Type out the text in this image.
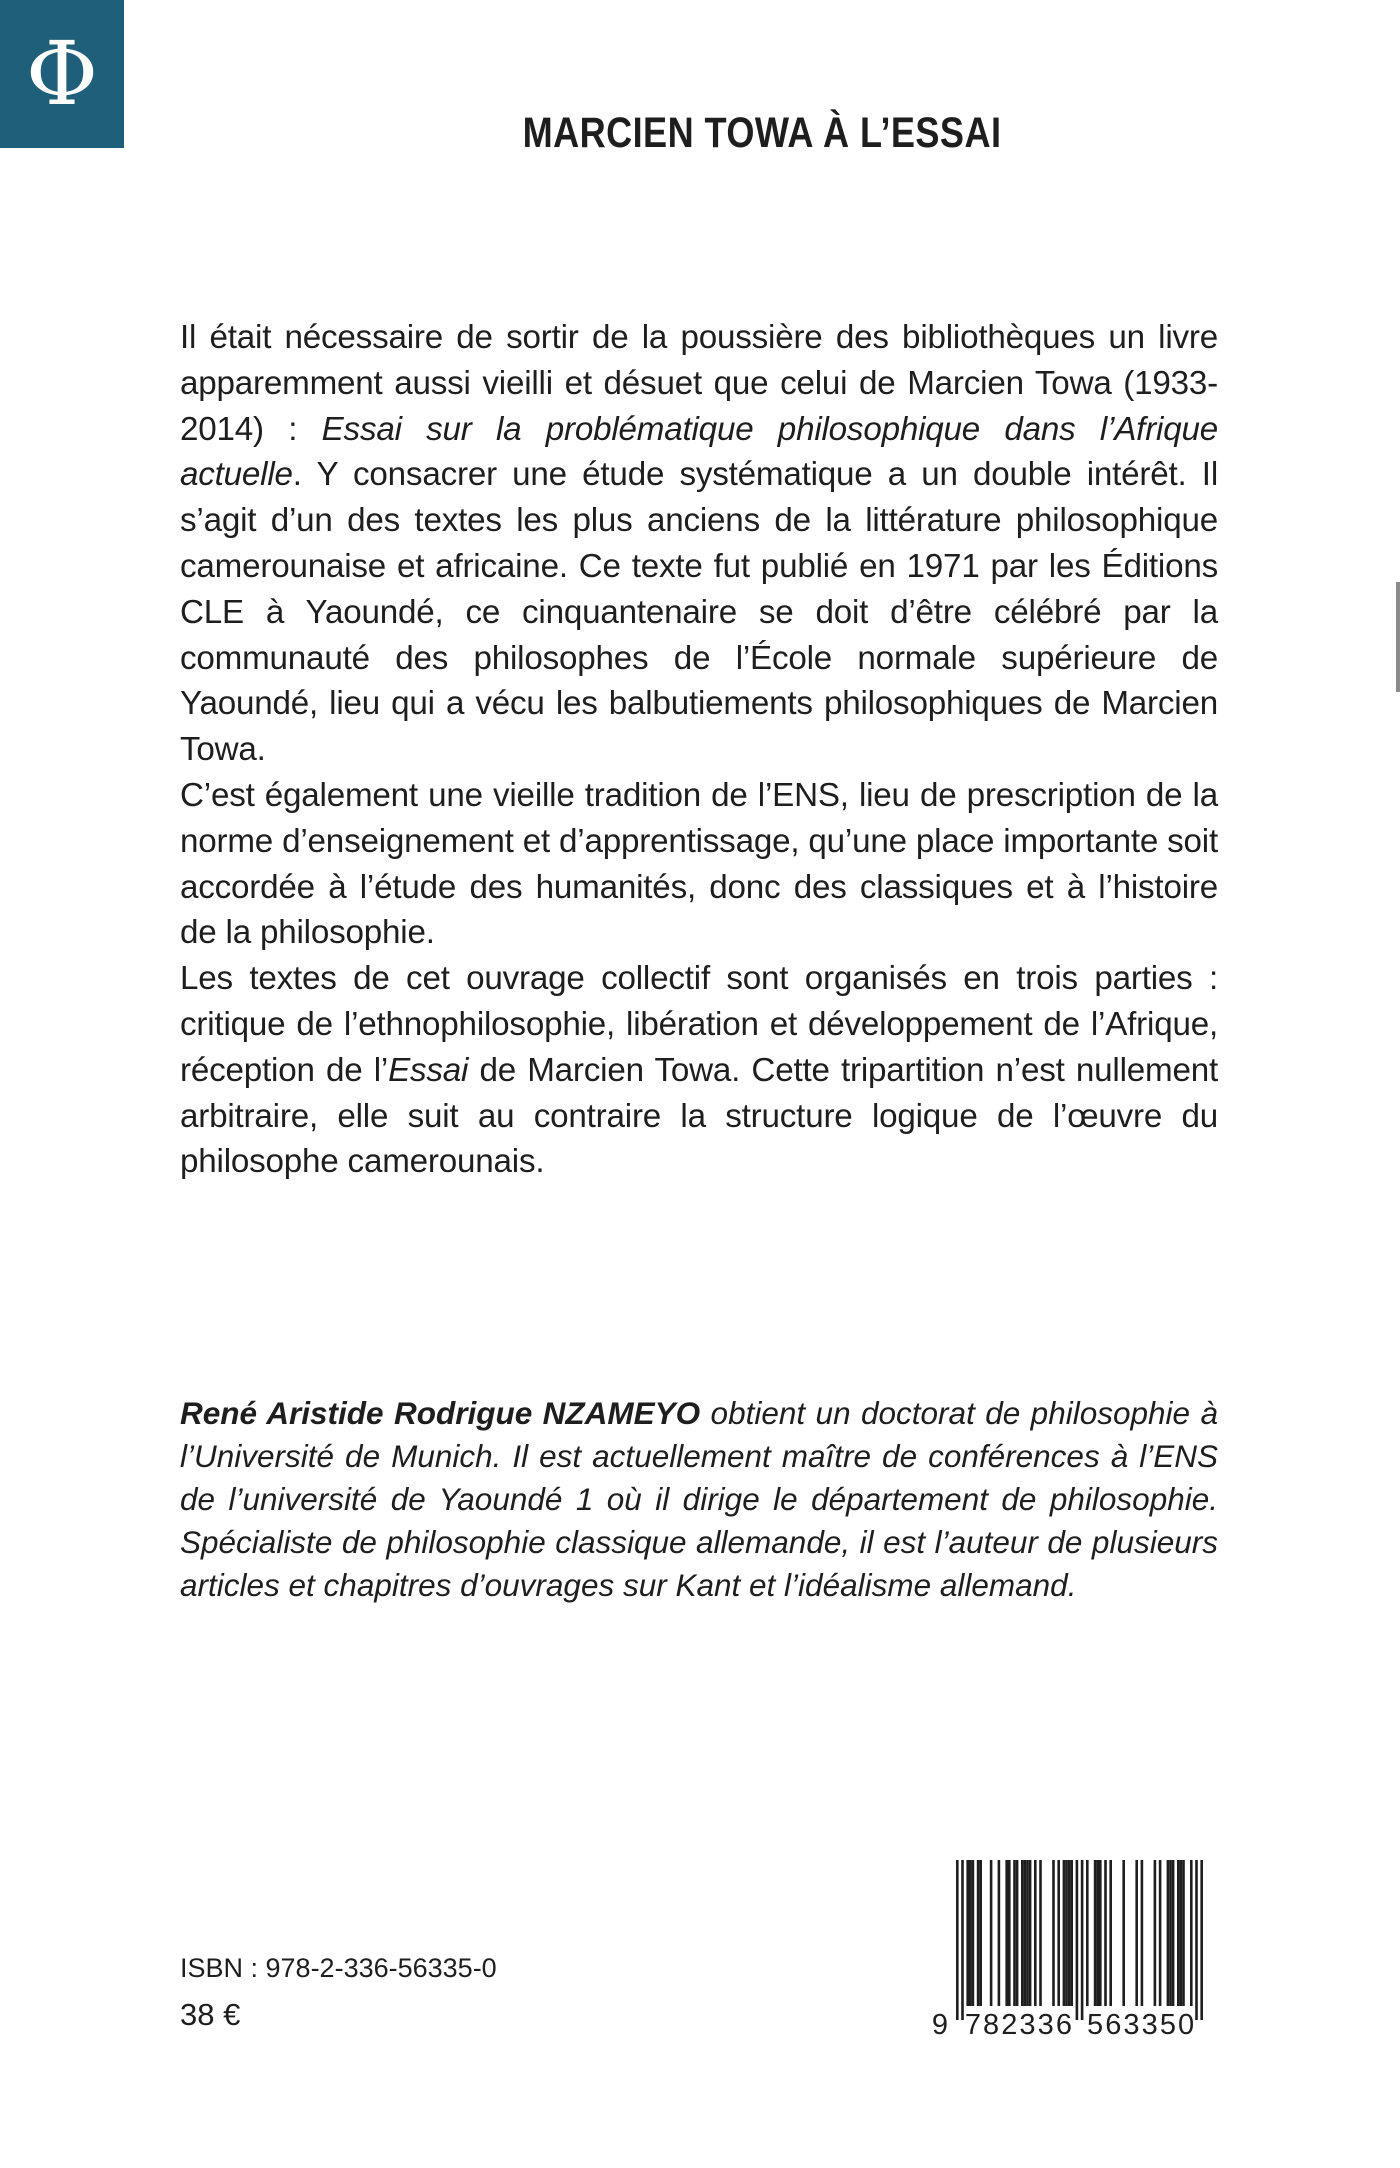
Φ
MARCIEN TOWA À L’ESSAI

Il était nécessaire de sortir de la poussière des bibliothèques un livre apparemment aussi vieilli et désuet que celui de Marcien Towa (1933-2014) : Essai sur la problématique philosophique dans l’Afrique actuelle. Y consacrer une étude systématique a un double intérêt. Il s’agit d’un des textes les plus anciens de la littérature philosophique camerounaise et africaine. Ce texte fut publié en 1971 par les Éditions CLE à Yaoundé, ce cinquantenaire se doit d’être célébré par la communauté des philosophes de l’École normale supérieure de Yaoundé, lieu qui a vécu les balbutiements philosophiques de Marcien Towa.

C’est également une vieille tradition de l’ENS, lieu de prescription de la norme d’enseignement et d’apprentissage, qu’une place importante soit accordée à l’étude des humanités, donc des classiques et à l’histoire de la philosophie.

Les textes de cet ouvrage collectif sont organisés en trois parties : critique de l’ethnophilosophie, libération et développement de l’Afrique, réception de l’Essai de Marcien Towa. Cette tripartition n’est nullement arbitraire, elle suit au contraire la structure logique de l’œuvre du philosophe camerounais.

René Aristide Rodrigue NZAMEYO obtient un doctorat de philosophie à l’Université de Munich. Il est actuellement maître de conférences à l’ENS de l’université de Yaoundé 1 où il dirige le département de philosophie. Spécialiste de philosophie classique allemande, il est l’auteur de plusieurs articles et chapitres d’ouvrages sur Kant et l’idéalisme allemand.
ISBN : 978-2-336-56335-0
38 €	9 7 8 2 3 3 6 5 6 3 3 5 0
